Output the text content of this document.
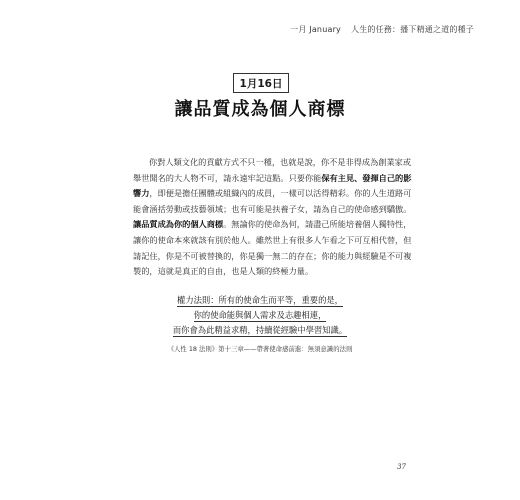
一月 January 人生的任務：播下精通之道的種子
1月16日
讓品質成為個人商標
你對人類文化的貢獻方式不只一種，也就是說，你不是非得成為創業家或
舉世聞名的大人物不可，請永遠牢記這點。只要你能保有主見、發揮自己的影
響力，即便是擔任團體或組織內的成員，一樣可以活得精彩。你的人生道路可
能會涵括勞動或技藝領域；也有可能是扶養子女，請為自己的使命感到驕傲。
讓品質成為你的個人商標。無論你的使命為何，請盡己所能培養個人獨特性，
讓你的使命本來就該有別於他人。雖然世上有很多人乍看之下可互相代替，但
請記住，你是不可被替換的，你是獨一無二的存在；你的能力與經驗是不可複
製的，這就是真正的自由，也是人類的終極力量。
權力法則：所有的使命生而平等，重要的是，
你的使命能與個人需求及志趣相連，
而你會為此精益求精，持續從經驗中學習知識。
《人性 18 法則》第十三章——帶著使命感前進：無須意識的法則
37
